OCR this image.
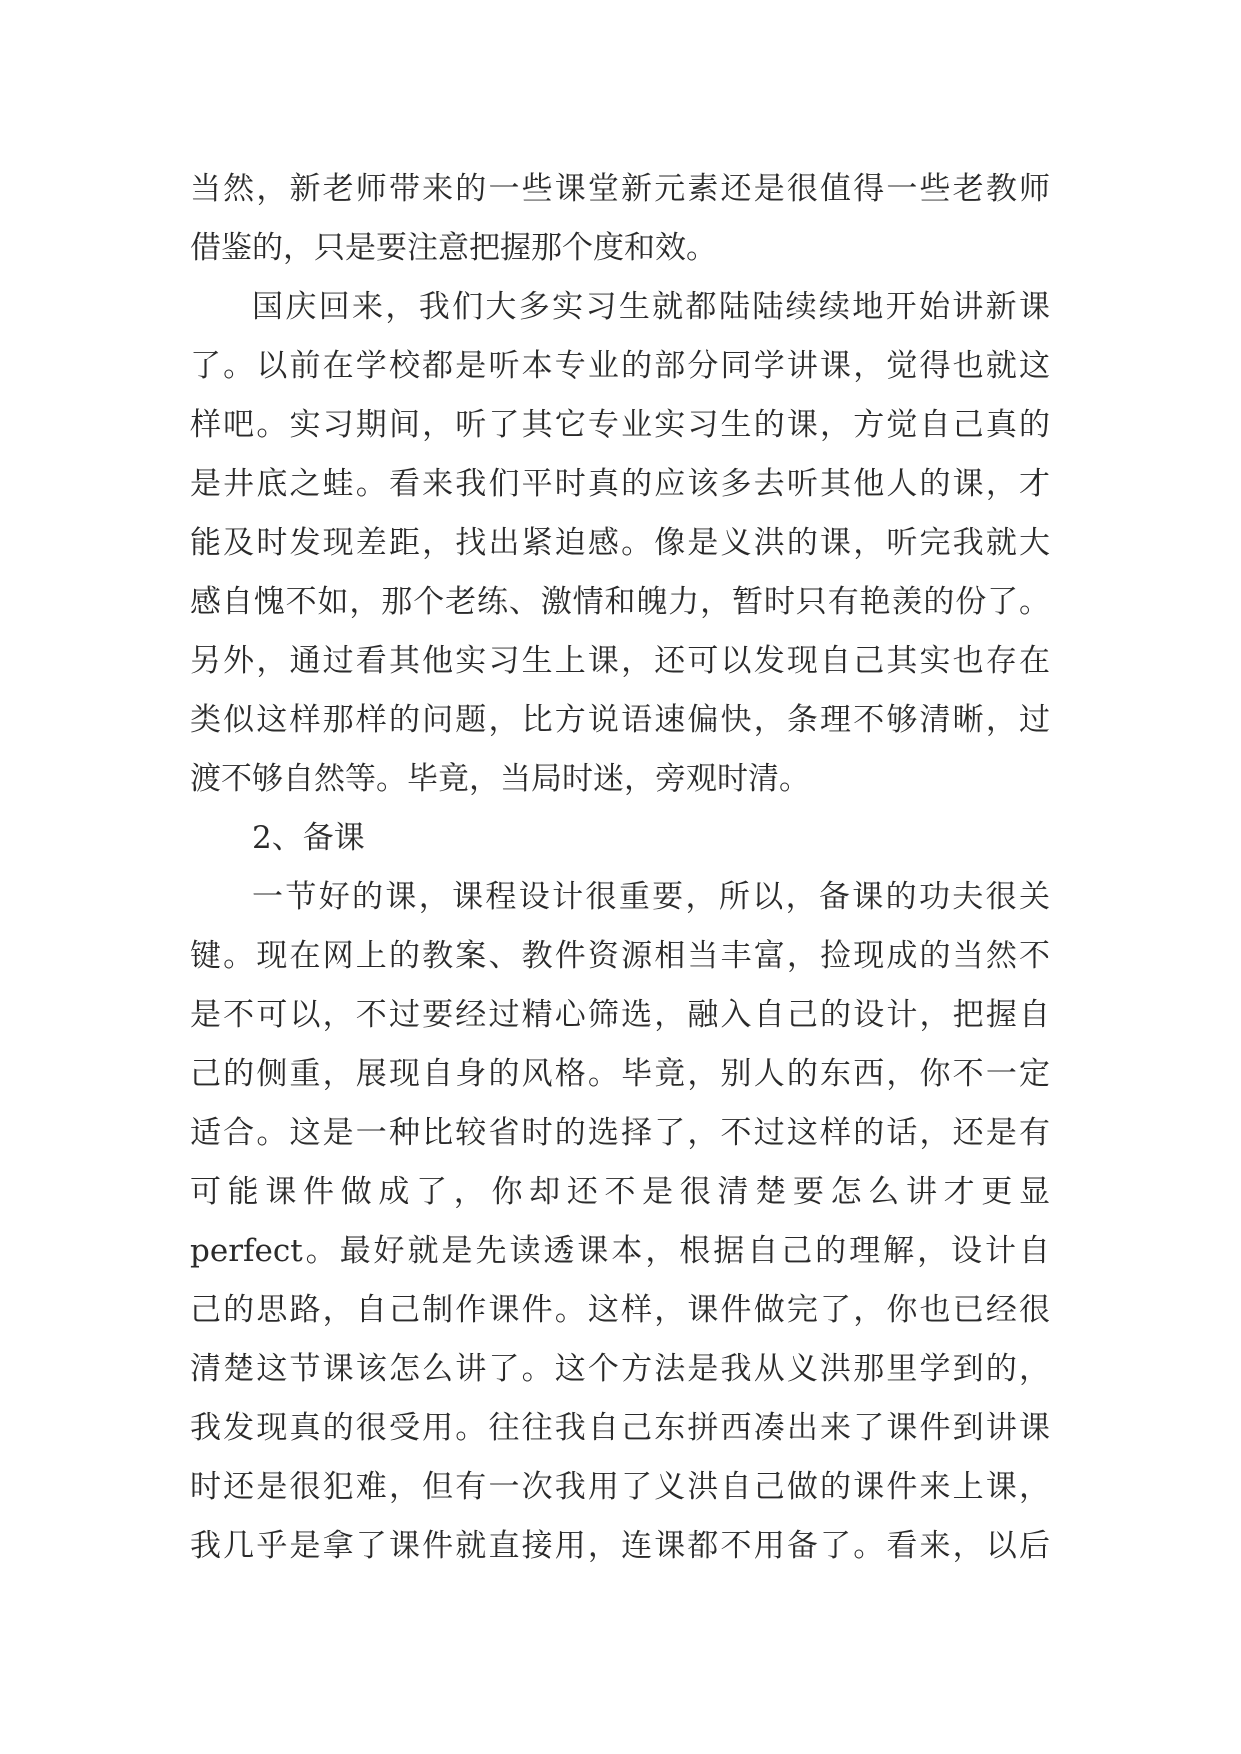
当然，新老师带来的一些课堂新元素还是很值得一些老教师
借鉴的，只是要注意把握那个度和效。
国庆回来，我们大多实习生就都陆陆续续地开始讲新课
了。以前在学校都是听本专业的部分同学讲课，觉得也就这
样吧。实习期间，听了其它专业实习生的课，方觉自己真的
是井底之蛙。看来我们平时真的应该多去听其他人的课，才
能及时发现差距，找出紧迫感。像是义洪的课，听完我就大
感自愧不如，那个老练、激情和魄力，暂时只有艳羡的份了。
另外，通过看其他实习生上课，还可以发现自己其实也存在
类似这样那样的问题，比方说语速偏快，条理不够清晰，过
渡不够自然等。毕竟，当局时迷，旁观时清。
2、备课
一节好的课，课程设计很重要，所以，备课的功夫很关
键。现在网上的教案、教件资源相当丰富，捡现成的当然不
是不可以，不过要经过精心筛选，融入自己的设计，把握自
己的侧重，展现自身的风格。毕竟，别人的东西，你不一定
适合。这是一种比较省时的选择了，不过这样的话，还是有
可能课件做成了，你却还不是很清楚要怎么讲才更显
perfect。最好就是先读透课本，根据自己的理解，设计自
己的思路，自己制作课件。这样，课件做完了，你也已经很
清楚这节课该怎么讲了。这个方法是我从义洪那里学到的，
我发现真的很受用。往往我自己东拼西凑出来了课件到讲课
时还是很犯难，但有一次我用了义洪自己做的课件来上课，
我几乎是拿了课件就直接用，连课都不用备了。看来，以后
